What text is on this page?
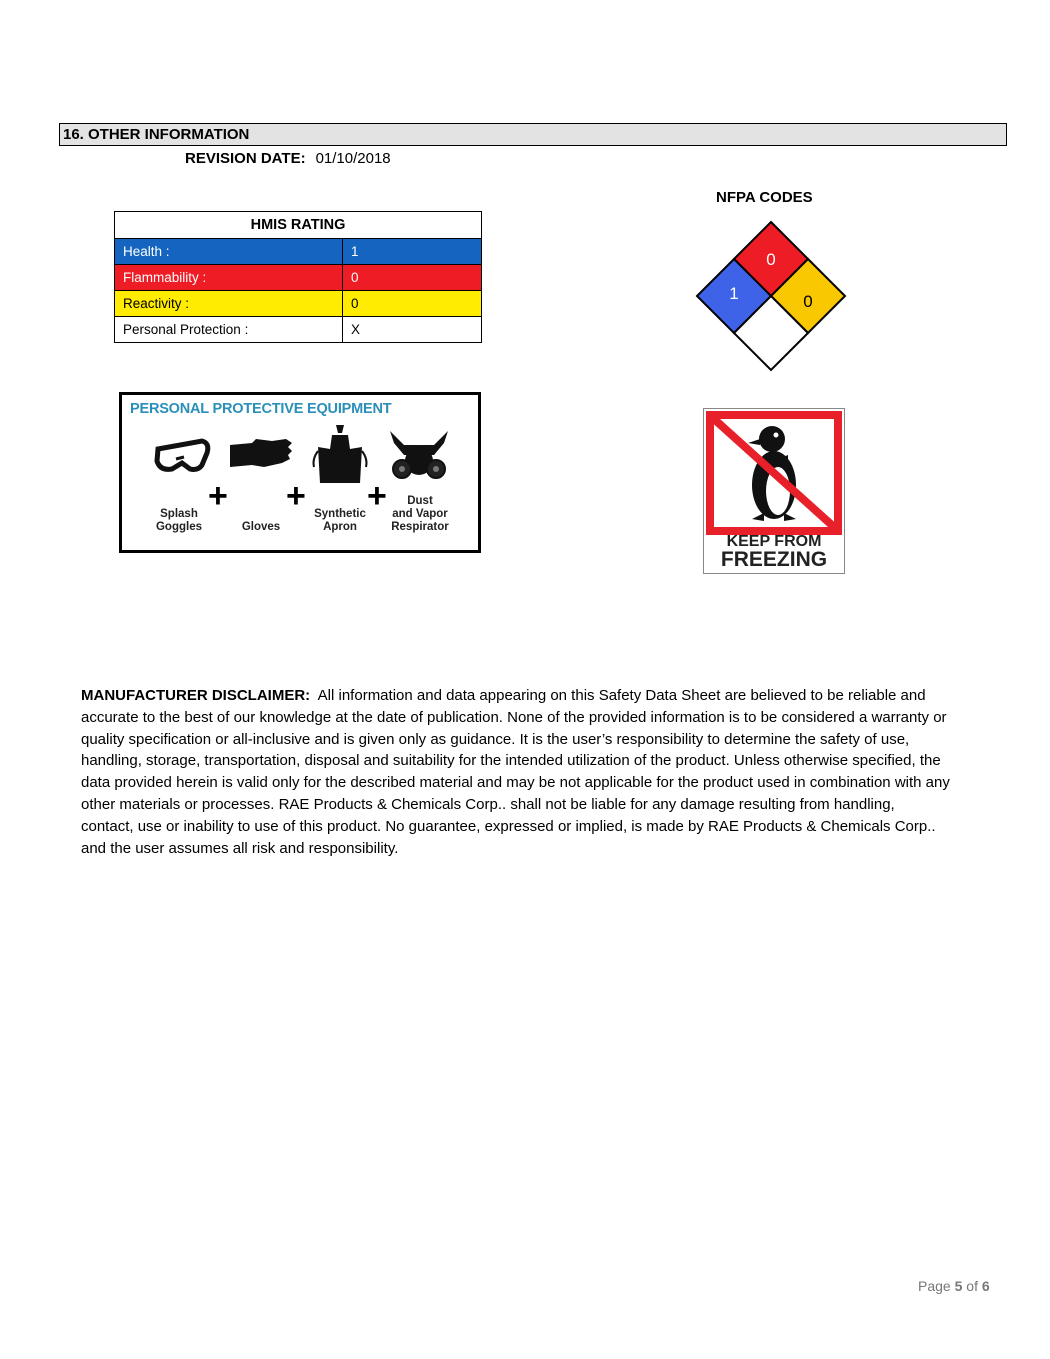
16. OTHER INFORMATION
REVISION DATE: 01/10/2018
HMIS RATING	
Health :	1
Flammability :	0
Reactivity :	0
Personal Protection :	X
NFPA CODES
0
1	0
PERSONAL PROTECTIVE EQUIPMENT
+ + +
Splash
Goggles	Gloves
Synthetic
Apron
Dust
and Vapor
Respirator
KEEP FROM
FREEZING
MANUFACTURER DISCLAIMER: All information and data appearing on this Safety Data Sheet are believed to be reliable and accurate to the best of our knowledge at the date of publication. None of the provided information is to be considered a warranty or quality specification or all-inclusive and is given only as guidance. It is the user’s responsibility to determine the safety of use, handling, storage, transportation, disposal and suitability for the intended utilization of the product. Unless otherwise specified, the data provided herein is valid only for the described material and may be not applicable for the product used in combination with any other materials or processes. RAE Products & Chemicals Corp.. shall not be liable for any damage resulting from handling, contact, use or inability to use of this product. No guarantee, expressed or implied, is made by RAE Products & Chemicals Corp.. and the user assumes all risk and responsibility.
Page 5 of 6
